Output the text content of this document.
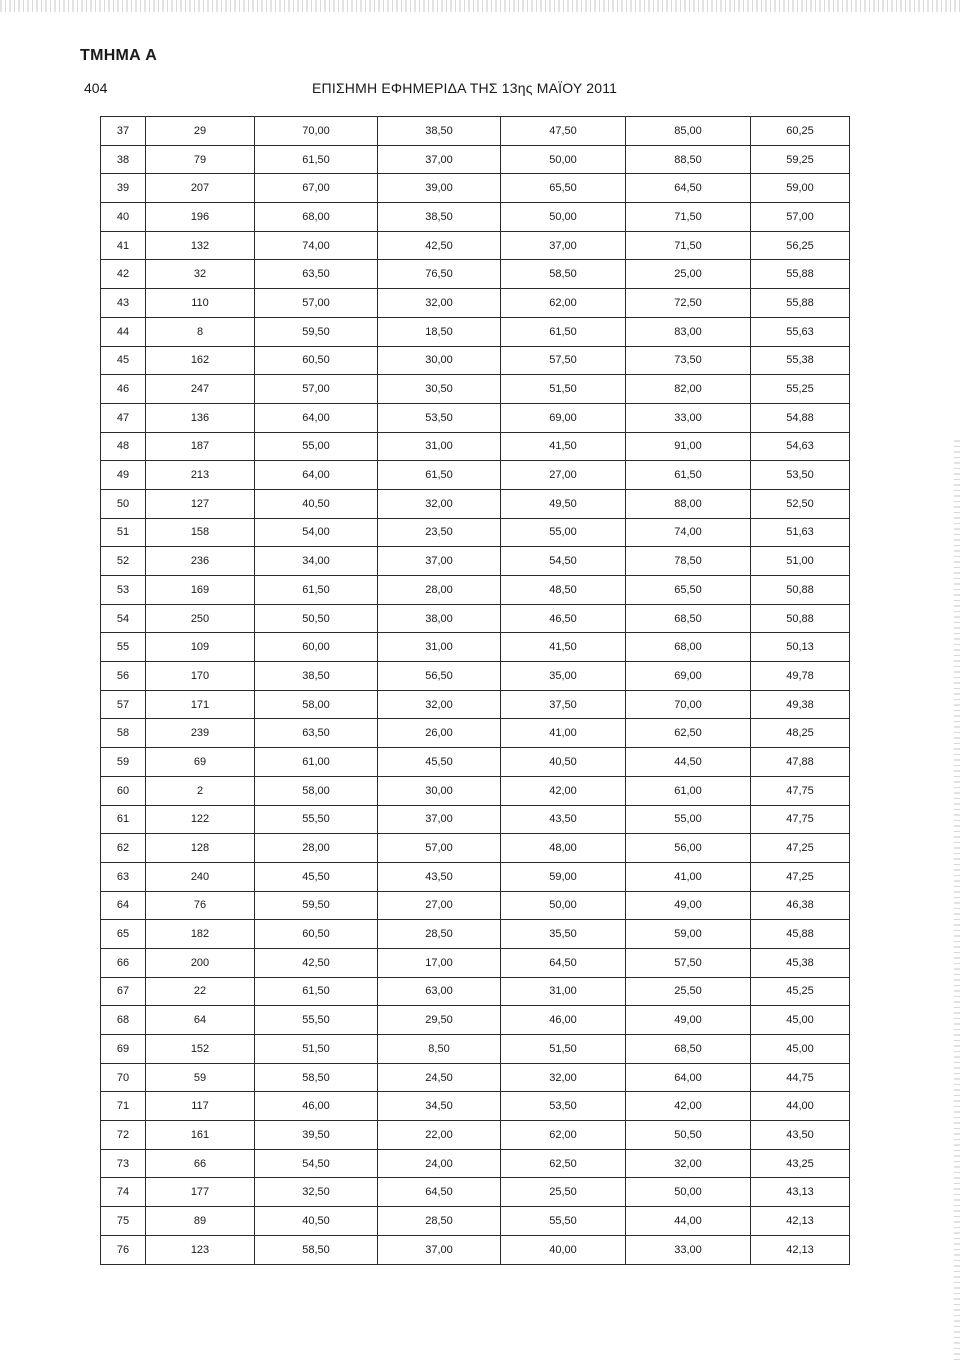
ΤΜΗΜΑ Α
404	ΕΠΙΣΗΜΗ ΕΦΗΜΕΡΙΔΑ ΤΗΣ 13ης ΜΑΪΟΥ 2011
37	29	70,00	38,50	47,50	85,00	60,25
38	79	61,50	37,00	50,00	88,50	59,25
39	207	67,00	39,00	65,50	64,50	59,00
40	196	68,00	38,50	50,00	71,50	57,00
41	132	74,00	42,50	37,00	71,50	56,25
42	32	63,50	76,50	58,50	25,00	55,88
43	110	57,00	32,00	62,00	72,50	55,88
44	8	59,50	18,50	61,50	83,00	55,63
45	162	60,50	30,00	57,50	73,50	55,38
46	247	57,00	30,50	51,50	82,00	55,25
47	136	64,00	53,50	69,00	33,00	54,88
48	187	55,00	31,00	41,50	91,00	54,63
49	213	64,00	61,50	27,00	61,50	53,50
50	127	40,50	32,00	49,50	88,00	52,50
51	158	54,00	23,50	55,00	74,00	51,63
52	236	34,00	37,00	54,50	78,50	51,00
53	169	61,50	28,00	48,50	65,50	50,88
54	250	50,50	38,00	46,50	68,50	50,88
55	109	60,00	31,00	41,50	68,00	50,13
56	170	38,50	56,50	35,00	69,00	49,78
57	171	58,00	32,00	37,50	70,00	49,38
58	239	63,50	26,00	41,00	62,50	48,25
59	69	61,00	45,50	40,50	44,50	47,88
60	2	58,00	30,00	42,00	61,00	47,75
61	122	55,50	37,00	43,50	55,00	47,75
62	128	28,00	57,00	48,00	56,00	47,25
63	240	45,50	43,50	59,00	41,00	47,25
64	76	59,50	27,00	50,00	49,00	46,38
65	182	60,50	28,50	35,50	59,00	45,88
66	200	42,50	17,00	64,50	57,50	45,38
67	22	61,50	63,00	31,00	25,50	45,25
68	64	55,50	29,50	46,00	49,00	45,00
69	152	51,50	8,50	51,50	68,50	45,00
70	59	58,50	24,50	32,00	64,00	44,75
71	117	46,00	34,50	53,50	42,00	44,00
72	161	39,50	22,00	62,00	50,50	43,50
73	66	54,50	24,00	62,50	32,00	43,25
74	177	32,50	64,50	25,50	50,00	43,13
75	89	40,50	28,50	55,50	44,00	42,13
76	123	58,50	37,00	40,00	33,00	42,13
